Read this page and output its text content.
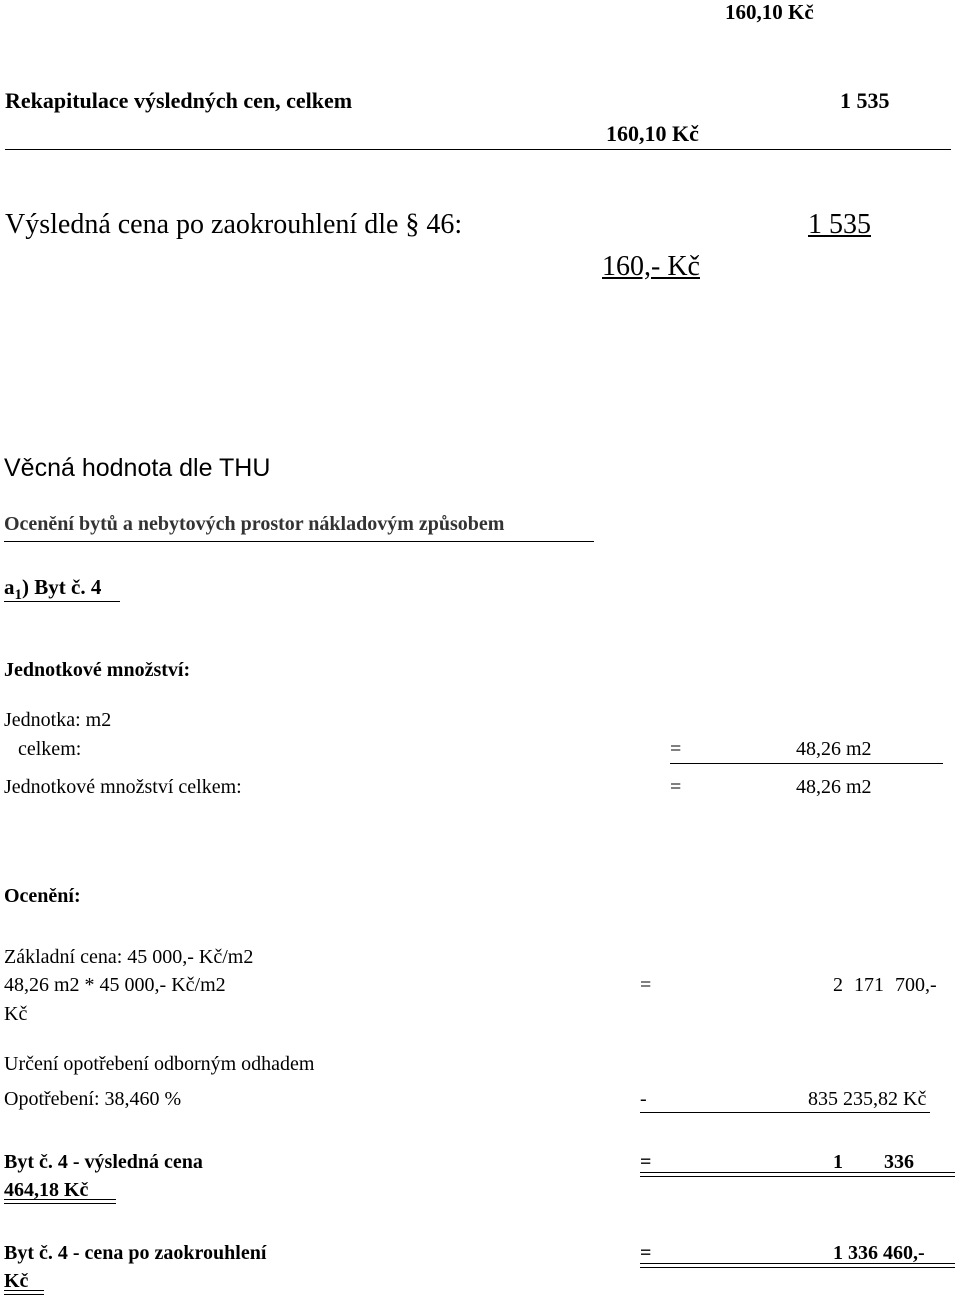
160,10 Kč
Rekapitulace výsledných cen, celkem	1 535
160,10 Kč
Výsledná cena po zaokrouhlení dle § 46:	1 535
160,- Kč
Věcná hodnota dle THU
Ocenění bytů a nebytových prostor nákladovým způsobem
$a_1$) Byt č. 4
Jednotkové množství:
Jednotka: m2
celkem:	=	48,26 m2
Jednotkové množství celkem:	=	48,26 m2
Ocenění:
Základní cena: 45 000,- Kč/m2
48,26 m2 * 45 000,- Kč/m2	=	2 171 700,-
Kč
Určení opotřebení odborným odhadem
Opotřebení: 38,460 %	-	835 235,82 Kč
Byt č. 4 - výsledná cena	=	1 336
464,18 Kč
Byt č. 4 - cena po zaokrouhlení	=	1 336 460,-
Kč
